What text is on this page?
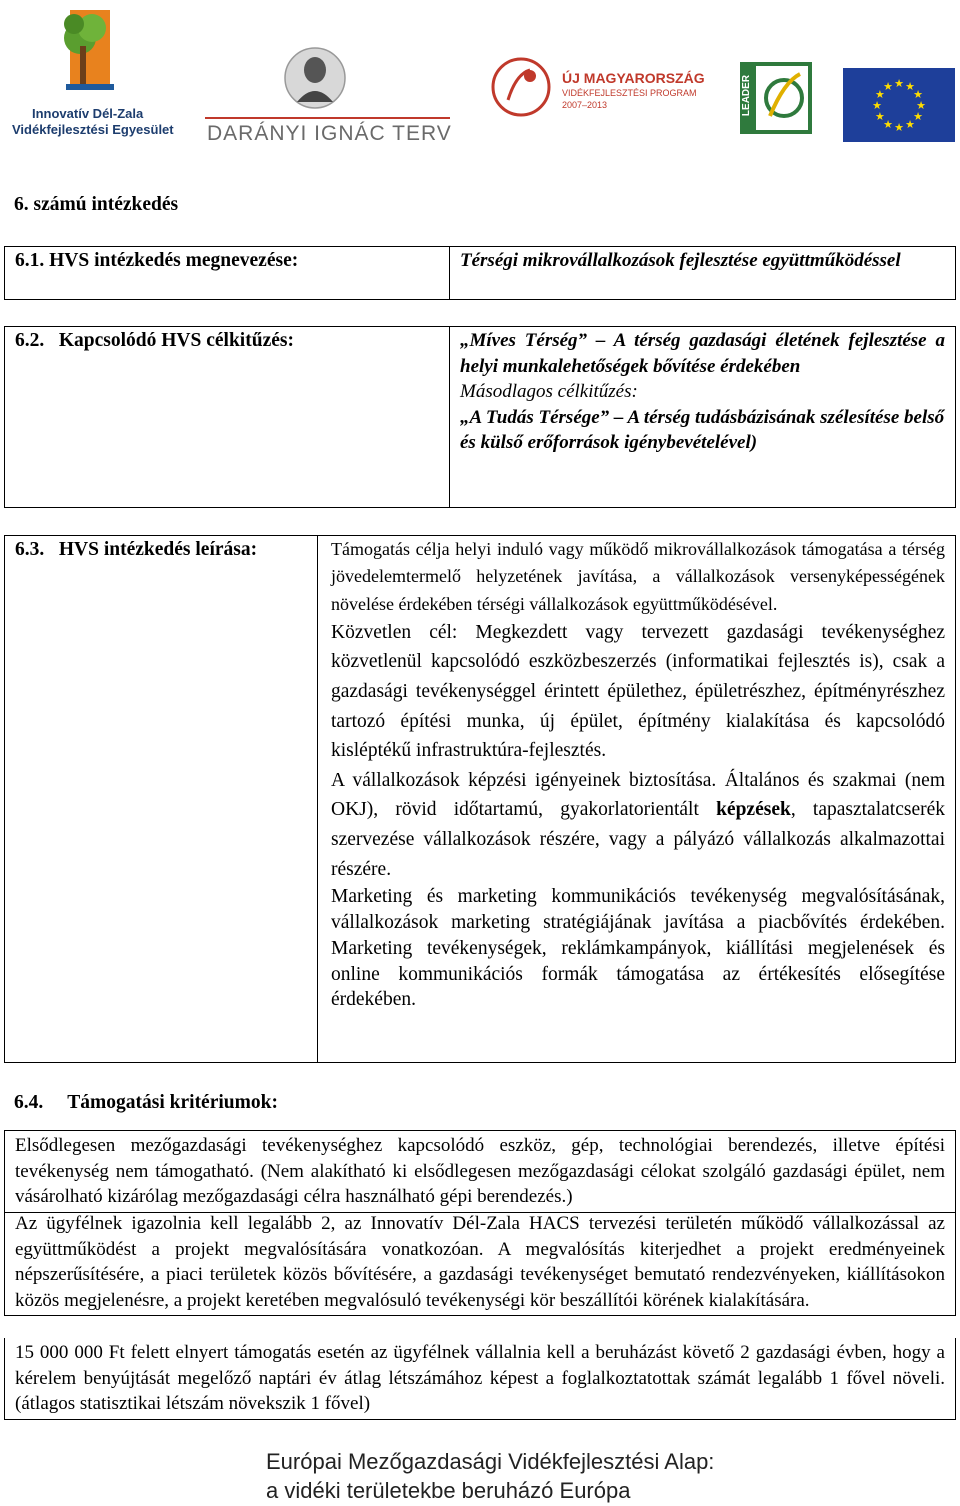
Innovatív Dél-Zala
Vidékfejlesztési Egyesület DARÁNYI IGNÁC TERV
ÚJ MAGYARORSZÁG
VIDÉKFEJLESZTÉSI PROGRAM
2007–2013	LEADER	★ ★
★
★
★
★
★
★
★
★
★
★
6. számú intézkedés
6.1. HVS intézkedés megnevezése:	Térségi mikrovállalkozások fejlesztése együttműködéssel
6.2.   Kapcsolódó HVS célkitűzés:	„Míves Térség” – A térség gazdasági életének fejlesztése a helyi munkalehetőségek bővítése érdekében
Másodlagos célkitűzés:
„A Tudás Térsége” – A térség tudásbázisának szélesítése belső és külső erőforrások igénybevételével)
6.3.   HVS intézkedés leírása:	Támogatás célja helyi induló vagy működő mikrovállalkozások támogatása a térség jövedelemtermelő helyzetének javítása, a vállalkozások versenyképességének növelése érdekében térségi vállalkozások együttműködésével.

Közvetlen cél: Megkezdett vagy tervezett gazdasági tevékenységhez közvetlenül kapcsolódó eszközbeszerzés (informatikai fejlesztés is), csak a gazdasági tevékenységgel érintett épülethez, épületrészhez, építményrészhez tartozó építési munka, új épület, építmény kialakítása és kapcsolódó kisléptékű infrastruktúra-fejlesztés.

A vállalkozások képzési igényeinek biztosítása. Általános és szakmai (nem OKJ), rövid időtartamú, gyakorlatorientált képzések, tapasztalatcserék szervezése vállalkozások részére, vagy a pályázó vállalkozás alkalmazottai részére.

Marketing és marketing kommunikációs tevékenység megvalósításának, vállalkozások marketing stratégiájának javítása a piacbővítés érdekében. Marketing tevékenységek, reklámkampányok, kiállítási megjelenések és online kommunikációs formák támogatása az értékesítés elősegítése érdekében.

6.4.     Támogatási kritériumok:
Elsődlegesen mezőgazdasági tevékenységhez kapcsolódó eszköz, gép, technológiai berendezés, illetve építési tevékenység nem támogatható. (Nem alakítható ki elsődlegesen mezőgazdasági célokat szolgáló gazdasági épület, nem vásárolható kizárólag mezőgazdasági célra használható gépi berendezés.)
Az ügyfélnek igazolnia kell legalább 2, az Innovatív Dél-Zala HACS tervezési területén működő vállalkozással az együttműködést a projekt megvalósítására vonatkozóan. A megvalósítás kiterjedhet a projekt eredményeinek népszerűsítésére, a piaci területek közös bővítésére, a gazdasági tevékenységet bemutató rendezvényeken, kiállításokon közös megjelenésre, a projekt keretében megvalósuló tevékenységi kör beszállítói körének kialakítására.
15 000 000 Ft felett elnyert támogatás esetén az ügyfélnek vállalnia kell a beruházást követő 2 gazdasági évben, hogy a kérelem benyújtását megelőző naptári év átlag létszámához képest a foglalkoztatottak számát legalább 1 fővel növeli. (átlagos statisztikai létszám növekszik 1 fővel)
Európai Mezőgazdasági Vidékfejlesztési Alap:
a vidéki területekbe beruházó Európa
